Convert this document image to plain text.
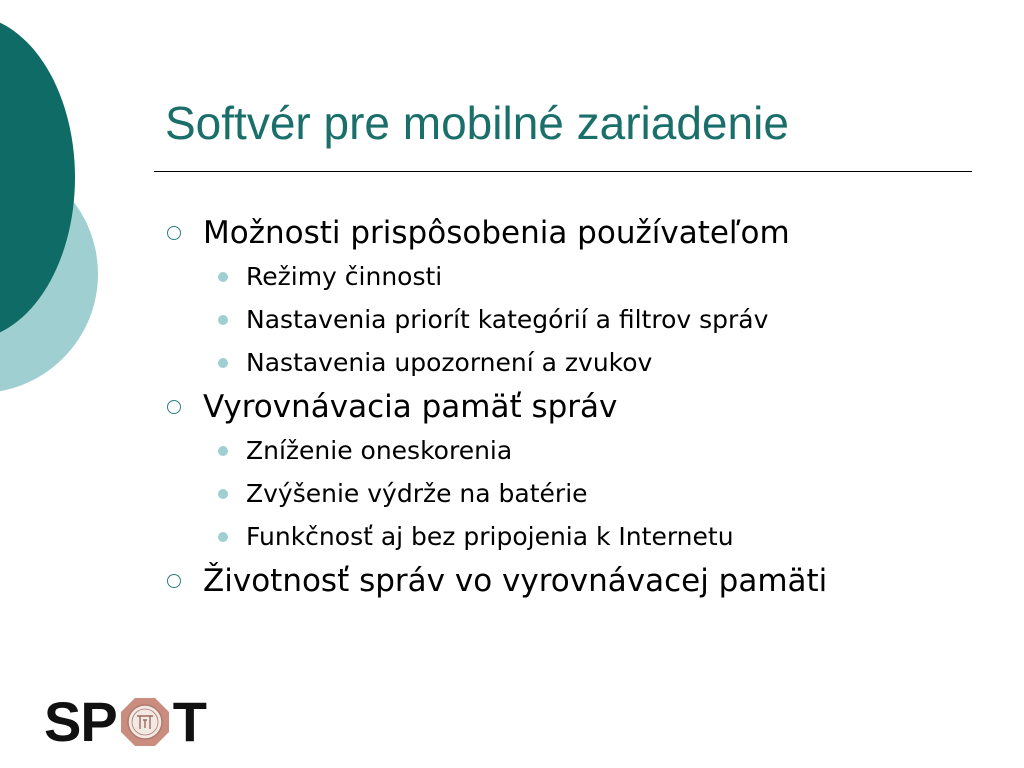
Softvér pre mobilné zariadenie
Možnosti prispôsobenia používateľom
Režimy činnosti
Nastavenia priorít kategórií a filtrov správ
Nastavenia upozornení a zvukov
Vyrovnávacia pamäť správ
Zníženie oneskorenia
Zvýšenie výdrže na batérie
Funkčnosť aj bez pripojenia k Internetu
Životnosť správ vo vyrovnávacej pamäti
SP T
